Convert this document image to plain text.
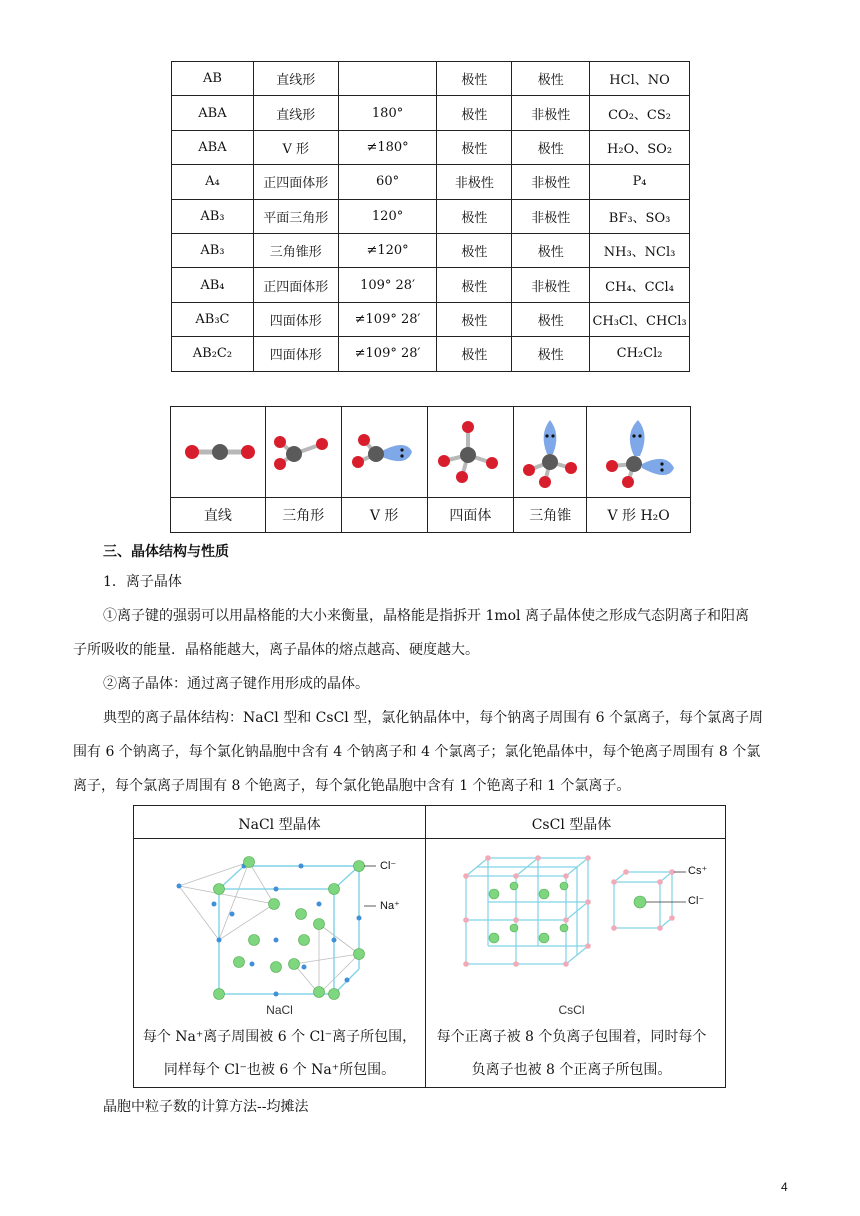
AB	直线形		极性	极性	HCl、NO
ABA	直线形	180°	极性	非极性	CO₂、CS₂
ABA	V 形	≠180°	极性	极性	H₂O、SO₂
A₄	正四面体形	60°	非极性	非极性	P₄
AB₃	平面三角形	120°	极性	非极性	BF₃、SO₃
AB₃	三角锥形	≠120°	极性	极性	NH₃、NCl₃
AB₄	正四面体形	109° 28′	极性	非极性	CH₄、CCl₄
AB₃C	四面体形	≠109° 28′	极性	极性	CH₃Cl、CHCl₃
AB₂C₂	四面体形	≠109° 28′	极性	极性	CH₂Cl₂

直线	三角形	V 形	四面体	三角锥	V 形 H₂O
三、晶体结构与性质
1．离子晶体
①离子键的强弱可以用晶格能的大小来衡量，晶格能是指拆开 1mol 离子晶体使之形成气态阴离子和阳离
子所吸收的能量．晶格能越大，离子晶体的熔点越高、硬度越大。
②离子晶体：通过离子键作用形成的晶体。
典型的离子晶体结构：NaCl 型和 CsCl 型，氯化钠晶体中，每个钠离子周围有 6 个氯离子，每个氯离子周
围有 6 个钠离子，每个氯化钠晶胞中含有 4 个钠离子和 4 个氯离子；氯化铯晶体中，每个铯离子周围有 8 个氯
离子，每个氯离子周围有 8 个铯离子，每个氯化铯晶胞中含有 1 个铯离子和 1 个氯离子。
NaCl 型晶体	CsCl 型晶体
Cl⁻
Na⁺
Cs⁺
Cl⁻
NaCl	CsCl
每个 Na⁺离子周围被 6 个 Cl⁻离子所包围，
同样每个 Cl⁻也被 6 个 Na⁺所包围。
每个正离子被 8 个负离子包围着，同时每个
负离子也被 8 个正离子所包围。
晶胞中粒子数的计算方法--均摊法
4
